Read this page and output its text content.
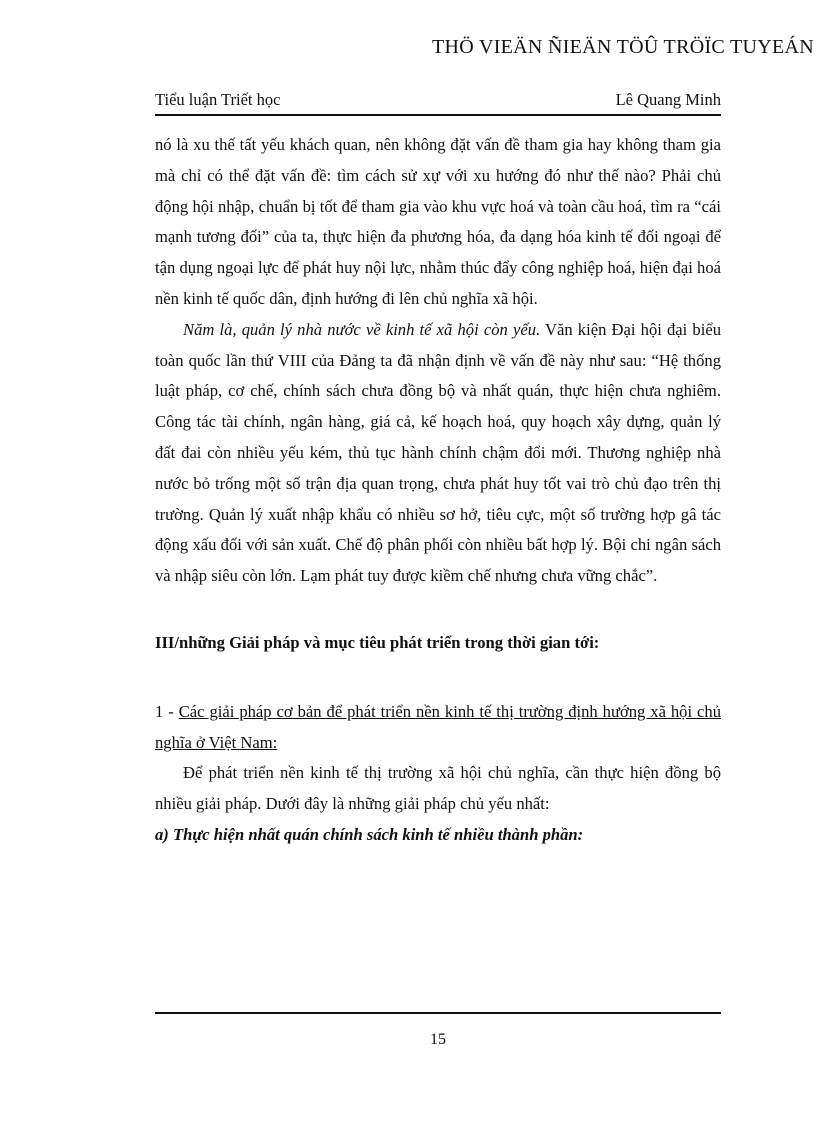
THÖ VIEÄN ÑIEÄN TÖÛ TRÖÏC TUYEÁN
Tiểu luận Triết học	Lê Quang Minh

nó là xu thế tất yếu khách quan, nên không đặt vấn đề tham gia hay không tham gia mà chỉ có thể đặt vấn đề: tìm cách sử xự với xu hướng đó như thế nào? Phải chủ động hội nhập, chuẩn bị tốt để tham gia vào khu vực hoá và toàn cầu hoá, tìm ra “cái mạnh tương đối” của ta, thực hiện đa phương hóa, đa dạng hóa kinh tế đối ngoại để tận dụng ngoại lực để phát huy nội lực, nhằm thúc đẩy công nghiệp hoá, hiện đại hoá nền kinh tế quốc dân, định hướng đi lên chủ nghĩa xã hội.

Năm là, quản lý nhà nước về kinh tế xã hội còn yếu. Văn kiện Đại hội đại biểu toàn quốc lần thứ VIII của Đảng ta đã nhận định về vấn đề này như sau: “Hệ thống luật pháp, cơ chế, chính sách chưa đồng bộ và nhất quán, thực hiện chưa nghiêm. Công tác tài chính, ngân hàng, giá cả, kế hoạch hoá, quy hoạch xây dựng, quản lý đất đai còn nhiều yếu kém, thủ tục hành chính chậm đổi mới. Thương nghiệp nhà nước bỏ trống một số trận địa quan trọng, chưa phát huy tốt vai trò chủ đạo trên thị trường. Quản lý xuất nhập khẩu có nhiều sơ hở, tiêu cực, một số trường hợp gâ tác động xấu đối với sản xuất. Chế độ phân phối còn nhiều bất hợp lý. Bội chi ngân sách và nhập siêu còn lớn. Lạm phát tuy được kiềm chế nhưng chưa vững chắc”.

III/những Giải pháp và mục tiêu phát triển trong thời gian tới:

1 - Các giải pháp cơ bản để phát triển nền kinh tế thị trường định hướng xã hội chủ nghĩa ở Việt Nam:

Để phát triển nền kinh tế thị trường xã hội chủ nghĩa, cần thực hiện đồng bộ nhiều giải pháp. Dưới đây là những giải pháp chủ yếu nhất:

a) Thực hiện nhất quán chính sách kinh tế nhiều thành phần:

15
